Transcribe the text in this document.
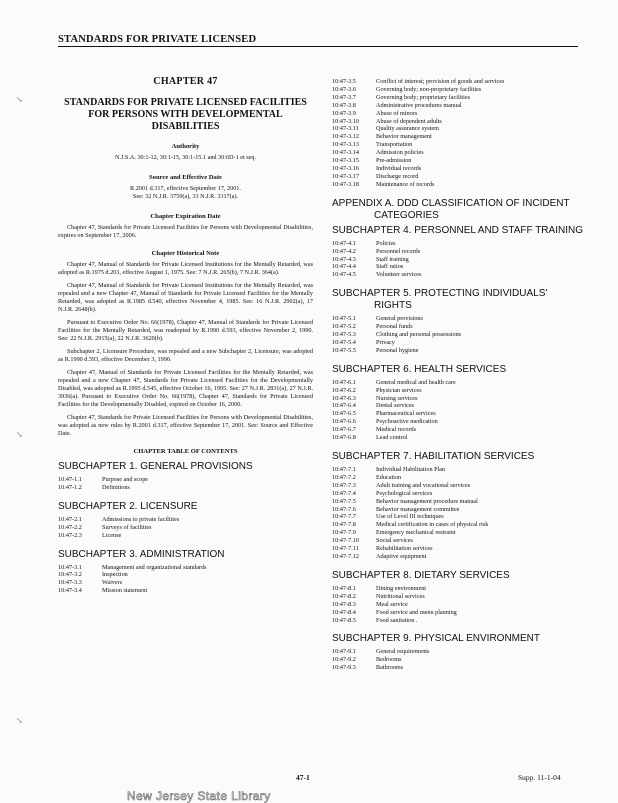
STANDARDS FOR PRIVATE LICENSED
↘
↘
↘
CHAPTER 47
STANDARDS FOR PRIVATE LICENSED FACILITIES FOR PERSONS WITH DEVELOPMENTAL DISABILITIES
Authority
N.J.S.A. 30:1-12, 30:1-15, 30:1-15.1 and 30:6D-1 et seq.
Source and Effective Date
R.2001 d.317, effective September 17, 2001.
See: 32 N.J.R. 3759(a), 33 N.J.R. 3317(a).
Chapter Expiration Date

Chapter 47, Standards for Private Licensed Facilities for Persons with Developmental Disabilities, expires on September 17, 2006.

Chapter Historical Note

Chapter 47, Manual of Standards for Private Licensed Institutions for the Mentally Retarded, was adopted as R.1975 d.203, effective August 1, 1975. See: 7 N.J.R. 265(b), 7 N.J.R. 364(a).

Chapter 47, Manual of Standards for Private Licensed Institutions for the Mentally Retarded, was repealed and a new Chapter 47, Manual of Standards for Private Licensed Facilities for the Mentally Retarded, was adopted as R.1985 d.540, effective November 4, 1985. See: 16 N.J.R. 2902(a), 17 N.J.R. 2648(b).

Pursuant to Executive Order No. 66(1978), Chapter 47, Manual of Standards for Private Licensed Facilities for the Mentally Retarded, was readopted by R.1990 d.593, effective November 2, 1990. See: 22 N.J.R. 2915(a), 22 N.J.R. 3620(b).

Subchapter 2, Licensure Procedure, was repealed and a new Subchapter 2, Licensure, was adopted as R.1990 d.593, effective December 3, 1990.

Chapter 47, Manual of Standards for Private Licensed Facilities for the Mentally Retarded, was repealed and a new Chapter 47, Standards for Private Licensed Facilities for the Developmentally Disabled, was adopted as R.1995 d.545, effective October 16, 1995. See: 27 N.J.R. 2831(a), 27 N.J.R. 3936(a). Pursuant to Executive Order No. 66(1978), Chapter 47, Standards for Private Licensed Facilities for the Developmentally Disabled, expired on October 16, 2000.

Chapter 47, Standards for Private Licensed Facilities for Persons with Developmental Disabilities, was adopted as new rules by R.2001 d.317, effective September 17, 2001. See: Source and Effective Date.

CHAPTER TABLE OF CONTENTS
SUBCHAPTER 1. GENERAL PROVISIONS
10:47-1.1	Purpose and scope
10:47-1.2	Definitions
SUBCHAPTER 2. LICENSURE
10:47-2.1	Admissions to private facilities
10:47-2.2	Surveys of facilities
10:47-2.3	License
SUBCHAPTER 3. ADMINISTRATION
10:47-3.1	Management and organizational standards
10:47-3.2	Inspection
10:47-3.3	Waivers
10:47-3.4	Mission statement
10:47-3.5	Conflict of interest; provision of goods and services
10:47-3.6	Governing body; non-proprietary facilities
10:47-3.7	Governing body; proprietary facilities
10:47-3.8	Administrative procedures manual
10:47-3.9	Abuse of minors
10:47-3.10	Abuse of dependent adults
10:47-3.11	Quality assurance system
10:47-3.12	Behavior management
10:47-3.13	Transportation
10:47-3.14	Admission policies
10:47-3.15	Pre-admission
10:47-3.16	Individual records
10:47-3.17	Discharge record
10:47-3.18	Maintenance of records
APPENDIX A. DDD CLASSIFICATION OF INCIDENT
CATEGORIES
SUBCHAPTER 4. PERSONNEL AND STAFF TRAINING
10:47-4.1	Policies
10:47-4.2	Personnel records
10:47-4.3	Staff training
10:47-4.4	Staff ratios
10:47-4.5	Volunteer services
SUBCHAPTER 5. PROTECTING INDIVIDUALS'
RIGHTS
10:47-5.1	General provisions
10:47-5.2	Personal funds
10:47-5.3	Clothing and personal possessions
10:47-5.4	Privacy
10:47-5.5	Personal hygiene
SUBCHAPTER 6. HEALTH SERVICES
10:47-6.1	General medical and health care
10:47-6.2	Physician services
10:47-6.3	Nursing services
10:47-6.4	Dental services
10:47-6.5	Pharmaceutical services
10:47-6.6	Psychoactive medication
10:47-6.7	Medical records
10:47-6.8	Lead control
SUBCHAPTER 7. HABILITATION SERVICES
10:47-7.1	Individual Habilitation Plan
10:47-7.2	Education
10:47-7.3	Adult training and vocational services
10:47-7.4	Psychological services
10:47-7.5	Behavior management procedure manual
10:47-7.6	Behavior management committee
10:47-7.7	Use of Level III techniques
10:47-7.8	Medical certification in cases of physical risk
10:47-7.9	Emergency mechanical restraint
10:47-7.10	Social services
10:47-7.11	Rehabilitation services
10:47-7.12	Adaptive equipment
SUBCHAPTER 8. DIETARY SERVICES
10:47-8.1	Dining environment
10:47-8.2	Nutritional services
10:47-8.3	Meal service
10:47-8.4	Food service and menu planning
10:47-8.5	Food sanitation .
SUBCHAPTER 9. PHYSICAL ENVIRONMENT
10:47-9.1	General requirements
10:47-9.2	Bedrooms
10:47-9.3	Bathrooms
47-1	Supp. 11-1-04
New Jersey State Library
